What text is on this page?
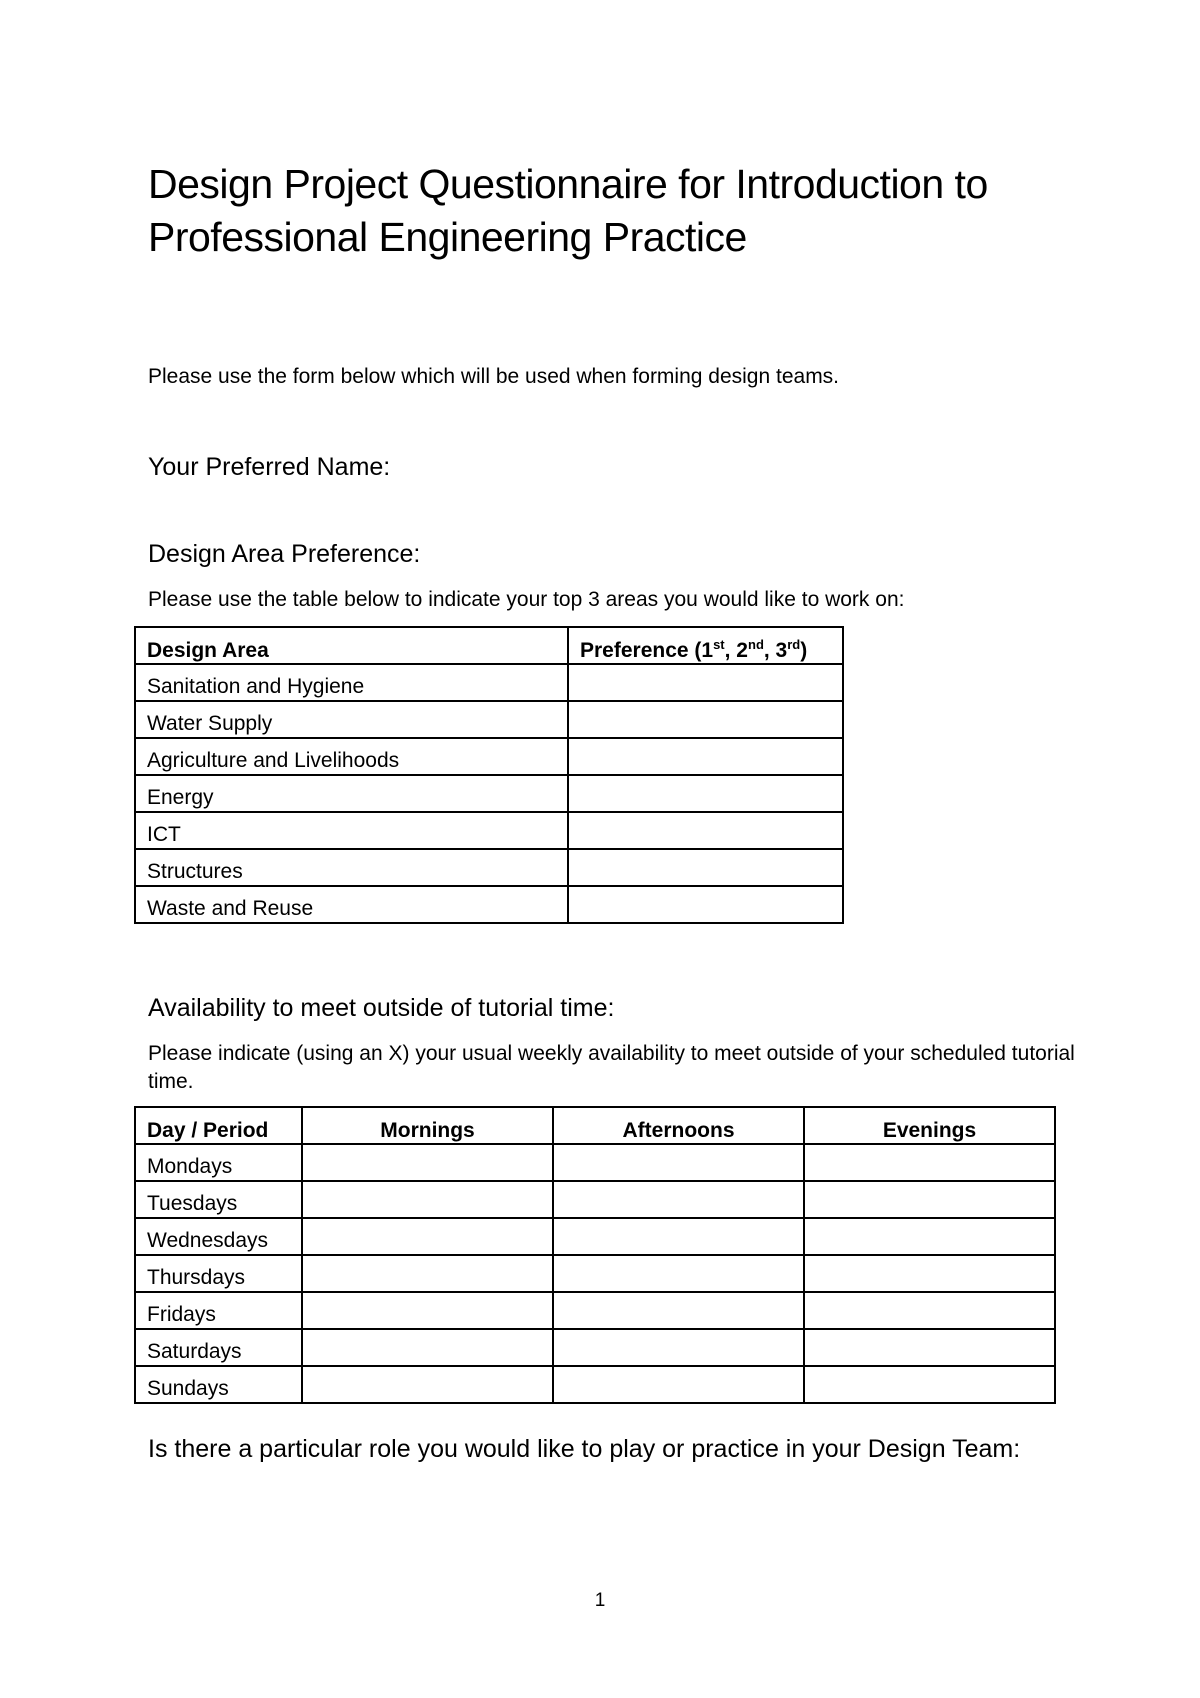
Design Project Questionnaire for Introduction to Professional Engineering Practice

Please use the form below which will be used when forming design teams.

Your Preferred Name:
Design Area Preference:

Please use the table below to indicate your top 3 areas you would like to work on:

Design Area	Preference (1st, 2nd, 3rd)
Sanitation and Hygiene	
Water Supply	
Agriculture and Livelihoods	
Energy	
ICT	
Structures	
Waste and Reuse	
Availability to meet outside of tutorial time:

Please indicate (using an X) your usual weekly availability to meet outside of your scheduled tutorial time.

Day / Period	Mornings	Afternoons	Evenings
Mondays			
Tuesdays			
Wednesdays			
Thursdays			
Fridays			
Saturdays			
Sundays			

Is there a particular role you would like to play or practice in your Design Team:

1
